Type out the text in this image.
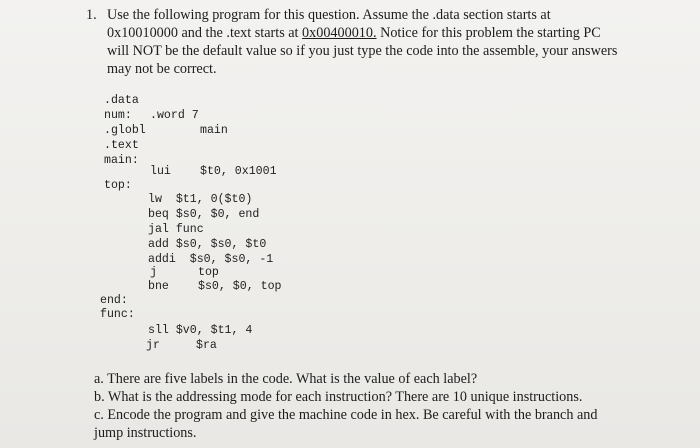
1. Use the following program for this question. Assume the .data section starts at
0x10010000 and the .text starts at 0x00400010. Notice for this problem the starting PC
will NOT be the default value so if you just type the code into the assemble, your answers
may not be correct.
.data
num: .word 7
.globl	main
.text
main:
lui	$t0, 0x1001
top:
lw  $t1, 0($t0)
beq $s0, $0, end
jal func
add $s0, $s0, $t0
addi  $s0, $s0, -1
j	top
bne	$s0, $0, top
end:
func:
sll $v0, $t1, 4
jr	$ra
a. There are five labels in the code. What is the value of each label?
b. What is the addressing mode for each instruction? There are 10 unique instructions.
c. Encode the program and give the machine code in hex. Be careful with the branch and
jump instructions.
